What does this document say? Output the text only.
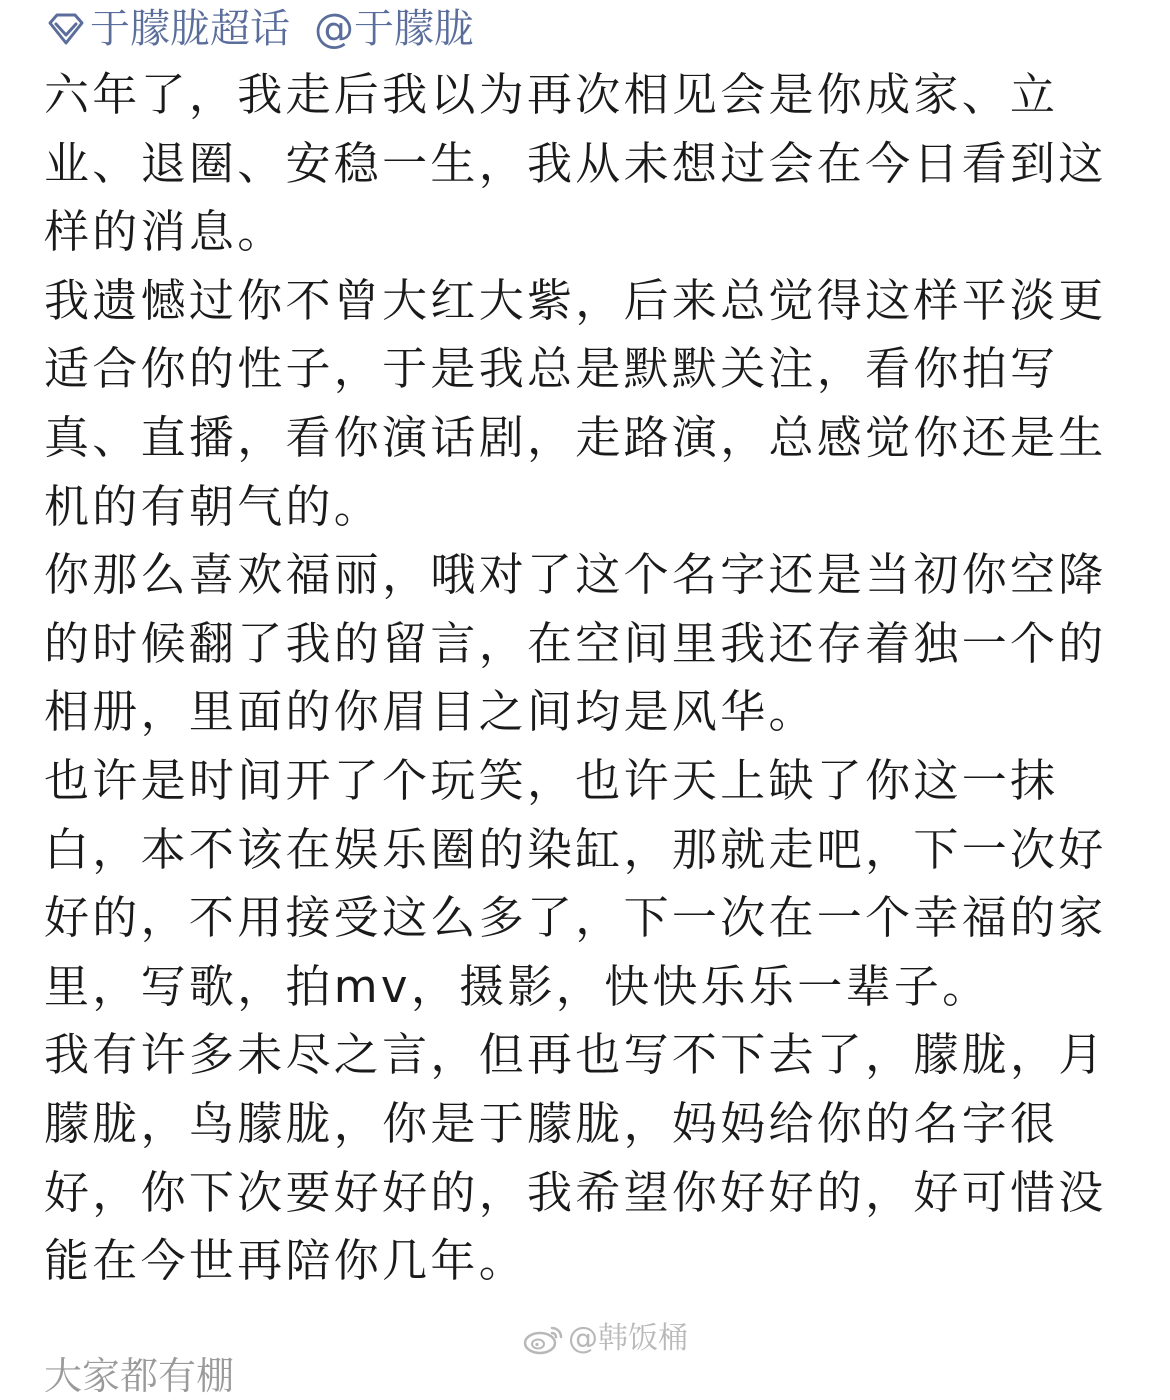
于朦胧超话 @于朦胧
六年了，我走后我以为再次相见会是你成家、立
业、退圈、安稳一生，我从未想过会在今日看到这
样的消息。
我遗憾过你不曾大红大紫，后来总觉得这样平淡更
适合你的性子，于是我总是默默关注，看你拍写
真、直播，看你演话剧，走路演，总感觉你还是生
机的有朝气的。
你那么喜欢福丽，哦对了这个名字还是当初你空降
的时候翻了我的留言，在空间里我还存着独一个的
相册，里面的你眉目之间均是风华。
也许是时间开了个玩笑，也许天上缺了你这一抹
白，本不该在娱乐圈的染缸，那就走吧，下一次好
好的，不用接受这么多了，下一次在一个幸福的家
里，写歌，拍mv，摄影，快快乐乐一辈子。
我有许多未尽之言，但再也写不下去了，朦胧，月
朦胧，鸟朦胧，你是于朦胧，妈妈给你的名字很
好，你下次要好好的，我希望你好好的，好可惜没
能在今世再陪你几年。
大家都有棚
@韩饭桶
